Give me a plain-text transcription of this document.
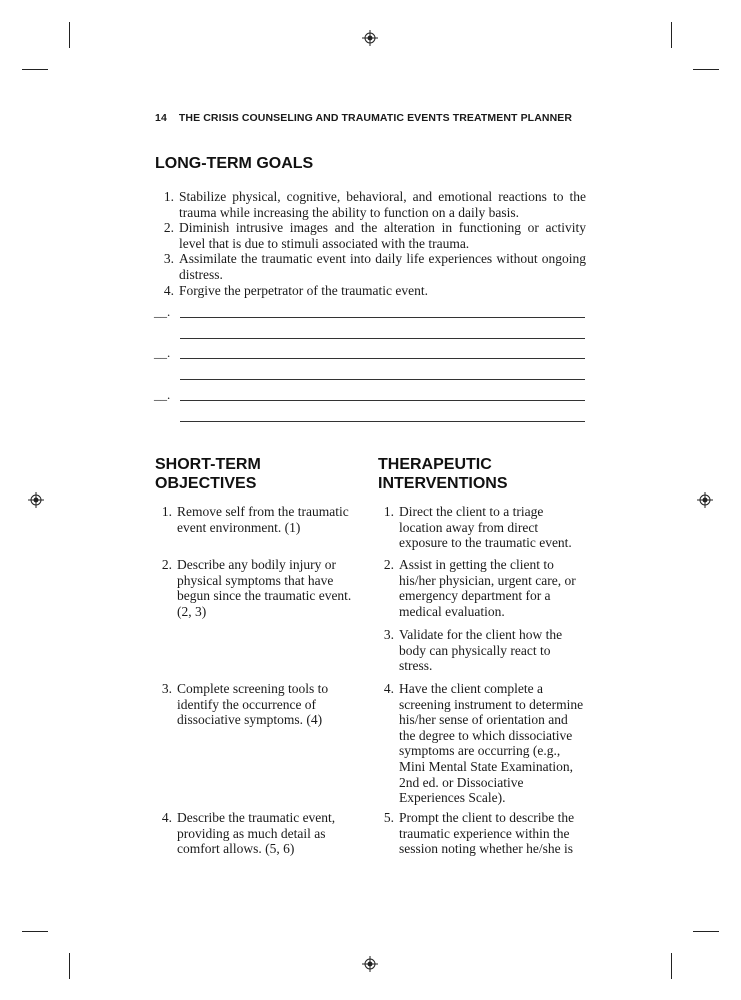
14 THE CRISIS COUNSELING AND TRAUMATIC EVENTS TREATMENT PLANNER
LONG-TERM GOALS
1. Stabilize physical, cognitive, behavioral, and emotional reactions to the trauma while increasing the ability to function on a daily basis.
2. Diminish intrusive images and the alteration in functioning or activity level that is due to stimuli associated with the trauma.
3. Assimilate the traumatic event into daily life experiences without ongoing distress.
4. Forgive the perpetrator of the traumatic event.
__.
__.
__.
SHORT-TERM
OBJECTIVES
THERAPEUTIC
INTERVENTIONS
1. Remove self from the traumatic event environment. (1)
2. Describe any bodily injury or physical symptoms that have begun since the traumatic event. (2, 3)
3. Complete screening tools to identify the occurrence of dissociative symptoms. (4)
4. Describe the traumatic event, providing as much detail as comfort allows. (5, 6)
1. Direct the client to a triage location away from direct exposure to the traumatic event.
2. Assist in getting the client to his/her physician, urgent care, or emergency department for a medical evaluation.
3. Validate for the client how the body can physically react to stress.
4. Have the client complete a screening instrument to determine his/her sense of orientation and the degree to which dissociative symptoms are occurring (e.g., Mini Mental State Examination, 2nd ed. or Dissociative Experiences Scale).
5. Prompt the client to describe the traumatic experience within the session noting whether he/she is
